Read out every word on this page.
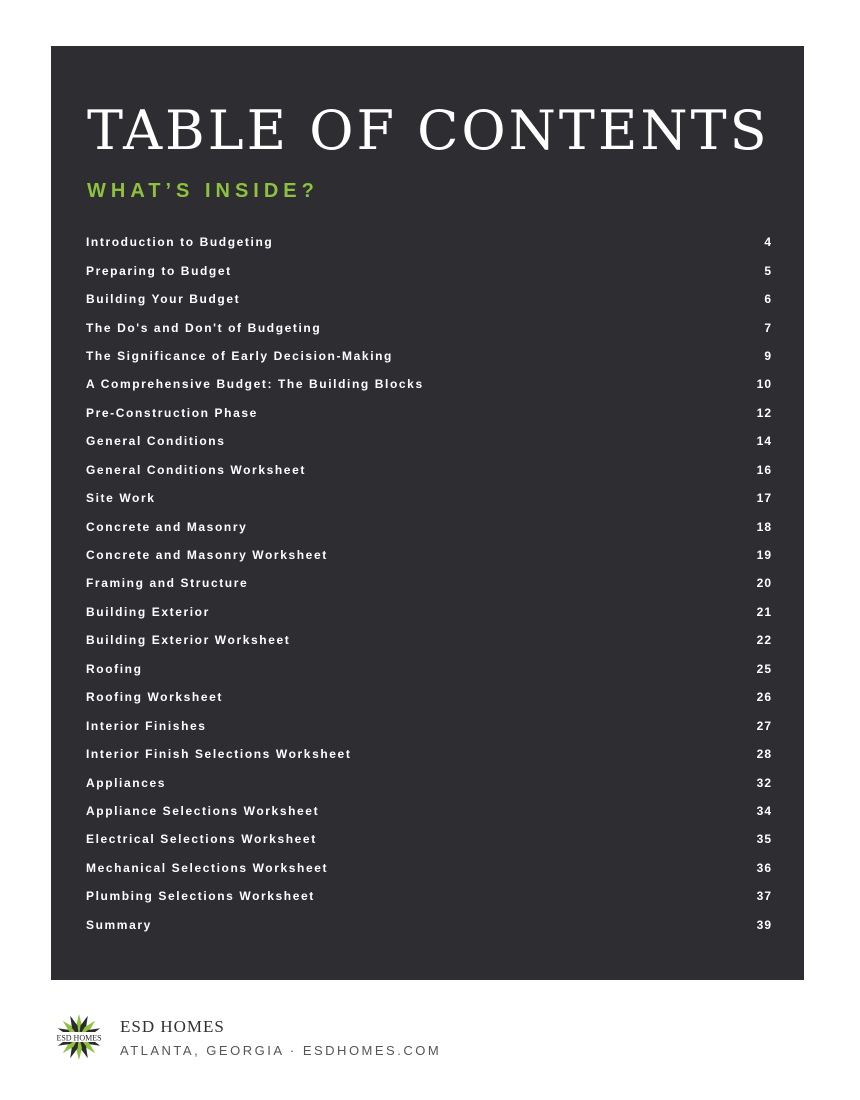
TABLE OF CONTENTS
WHAT’S INSIDE?
Introduction to Budgeting	4
Preparing to Budget	5
Building Your Budget	6
The Do's and Don't of Budgeting	7
The Significance of Early Decision-Making	9
A Comprehensive Budget: The Building Blocks	10
Pre-Construction Phase	12
General Conditions	14
General Conditions Worksheet	16
Site Work	17
Concrete and Masonry	18
Concrete and Masonry Worksheet	19
Framing and Structure	20
Building Exterior	21
Building Exterior Worksheet	22
Roofing	25
Roofing Worksheet	26
Interior Finishes	27
Interior Finish Selections Worksheet	28
Appliances	32
Appliance Selections Worksheet	34
Electrical Selections Worksheet	35
Mechanical Selections Worksheet	36
Plumbing Selections Worksheet	37
Summary	39
ESD HOMES
ESD HOMES
ATLANTA, GEORGIA · ESDHOMES.COM
